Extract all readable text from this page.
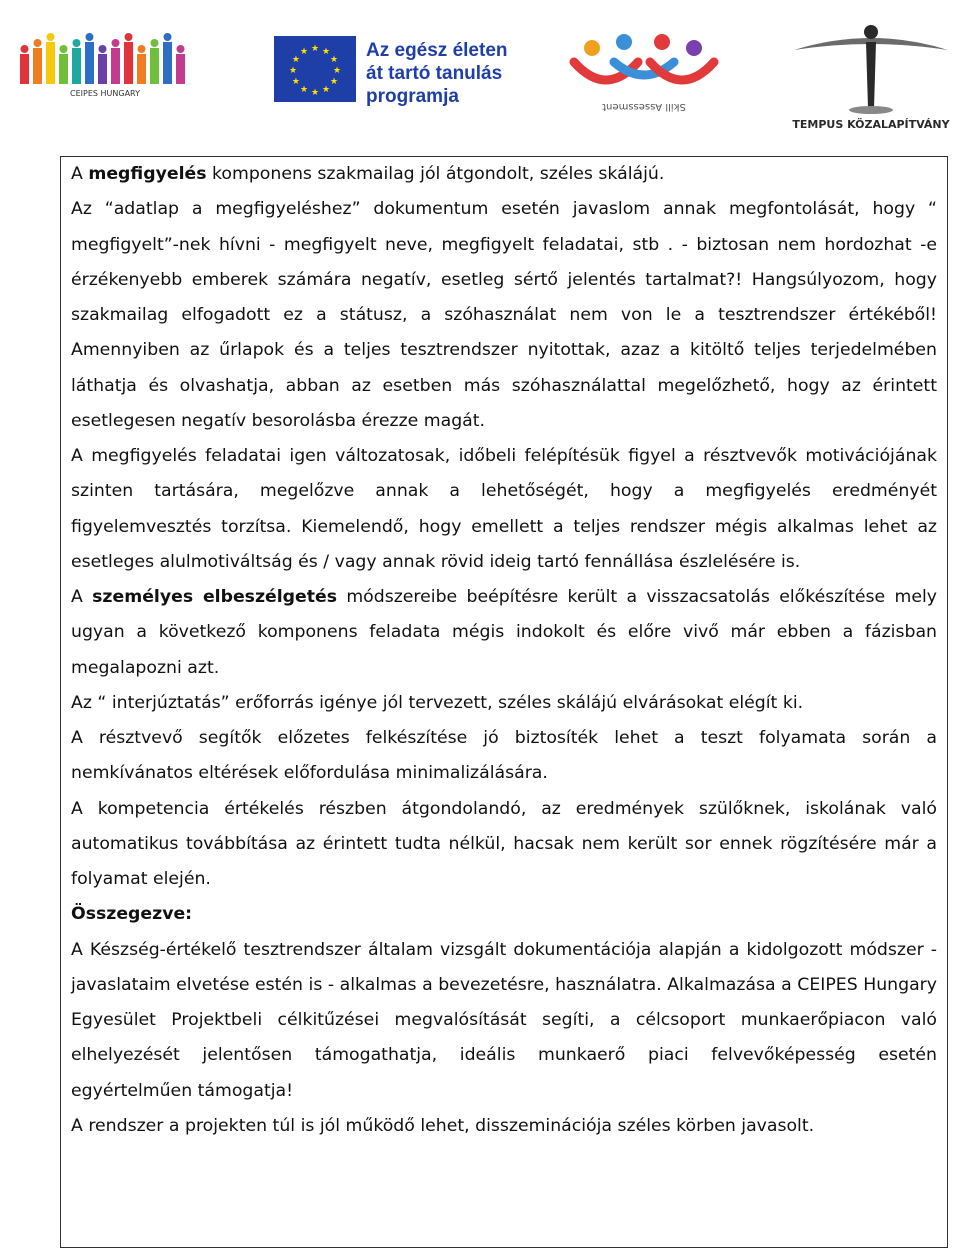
CEIPES HUNGARY
★
★
★
★
★
★
★
★
★ ★ ★
★ Az egész életen
át tartó tanulás
programja	Skill Assessment
TEMPUS KÖZALAPÍTVÁNY

A megfigyelés komponens szakmailag jól átgondolt, széles skálájú.

Az “adatlap a megfigyeléshez” dokumentum esetén javaslom annak megfontolását, hogy “ megfigyelt”-nek hívni - megfigyelt neve, megfigyelt feladatai, stb . - biztosan nem hordozhat -e érzékenyebb emberek számára negatív, esetleg sértő jelentés tartalmat?! Hangsúlyozom, hogy szakmailag elfogadott ez a státusz, a szóhasználat nem von le a tesztrendszer értékéből! Amennyiben az űrlapok és a teljes tesztrendszer nyitottak, azaz a kitöltő teljes terjedelmében láthatja és olvashatja, abban az esetben más szóhasználattal megelőzhető, hogy az érintett esetlegesen negatív besorolásba érezze magát.

A megfigyelés feladatai igen változatosak, időbeli felépítésük figyel a résztvevők motivációjának szinten tartására, megelőzve annak a lehetőségét, hogy a megfigyelés eredményét figyelemvesztés torzítsa. Kiemelendő, hogy emellett a teljes rendszer mégis alkalmas lehet az esetleges alulmotiváltság és / vagy annak rövid ideig tartó fennállása észlelésére is.

A személyes elbeszélgetés módszereibe beépítésre került a visszacsatolás előkészítése mely ugyan a következő komponens feladata mégis indokolt és előre vivő már ebben a fázisban megalapozni azt.

Az “ interjúztatás” erőforrás igénye jól tervezett, széles skálájú elvárásokat elégít ki.

A résztvevő segítők előzetes felkészítése jó biztosíték lehet a teszt folyamata során a nemkívánatos eltérések előfordulása minimalizálására.

A kompetencia értékelés részben átgondolandó, az eredmények szülőknek, iskolának való automatikus továbbítása az érintett tudta nélkül, hacsak nem került sor ennek rögzítésére már a folyamat elején.

Összegezve:

A Készség-értékelő tesztrendszer általam vizsgált dokumentációja alapján a kidolgozott módszer - javaslataim elvetése estén is - alkalmas a bevezetésre, használatra. Alkalmazása a CEIPES Hungary Egyesület Projektbeli célkitűzései megvalósítását segíti, a célcsoport munkaerőpiacon való elhelyezését jelentősen támogathatja, ideális munkaerő piaci felvevőképesség esetén egyértelműen támogatja!

A rendszer a projekten túl is jól működő lehet, disszeminációja széles körben javasolt.
